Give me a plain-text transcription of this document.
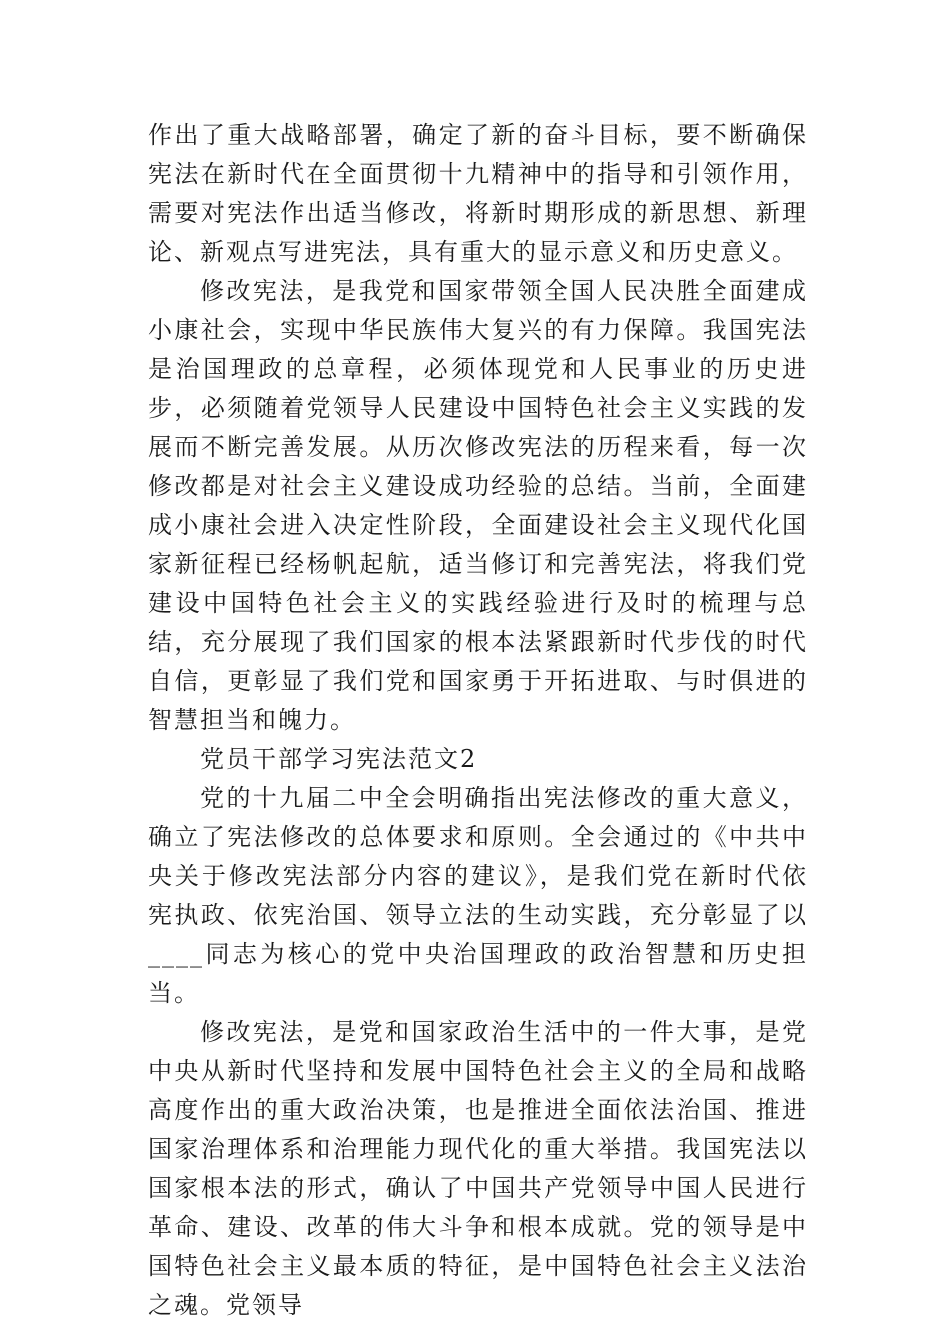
作出了重大战略部署，确定了新的奋斗目标，要不断确保宪法在新时代在全面贯彻十九精神中的指导和引领作用，需要对宪法作出适当修改，将新时期形成的新思想、新理论、新观点写进宪法，具有重大的显示意义和历史意义。

修改宪法，是我党和国家带领全国人民决胜全面建成小康社会，实现中华民族伟大复兴的有力保障。我国宪法是治国理政的总章程，必须体现党和人民事业的历史进步，必须随着党领导人民建设中国特色社会主义实践的发展而不断完善发展。从历次修改宪法的历程来看，每一次修改都是对社会主义建设成功经验的总结。当前，全面建成小康社会进入决定性阶段，全面建设社会主义现代化国家新征程已经杨帆起航，适当修订和完善宪法，将我们党建设中国特色社会主义的实践经验进行及时的梳理与总结，充分展现了我们国家的根本法紧跟新时代步伐的时代自信，更彰显了我们党和国家勇于开拓进取、与时俱进的智慧担当和魄力。

党员干部学习宪法范文2

党的十九届二中全会明确指出宪法修改的重大意义，确立了宪法修改的总体要求和原则。全会通过的《中共中央关于修改宪法部分内容的建议》，是我们党在新时代依宪执政、依宪治国、领导立法的生动实践，充分彰显了以____同志为核心的党中央治国理政的政治智慧和历史担当。

修改宪法，是党和国家政治生活中的一件大事，是党中央从新时代坚持和发展中国特色社会主义的全局和战略高度作出的重大政治决策，也是推进全面依法治国、推进国家治理体系和治理能力现代化的重大举措。我国宪法以国家根本法的形式，确认了中国共产党领导中国人民进行革命、建设、改革的伟大斗争和根本成就。党的领导是中国特色社会主义最本质的特征，是中国特色社会主义法治之魂。党领导
